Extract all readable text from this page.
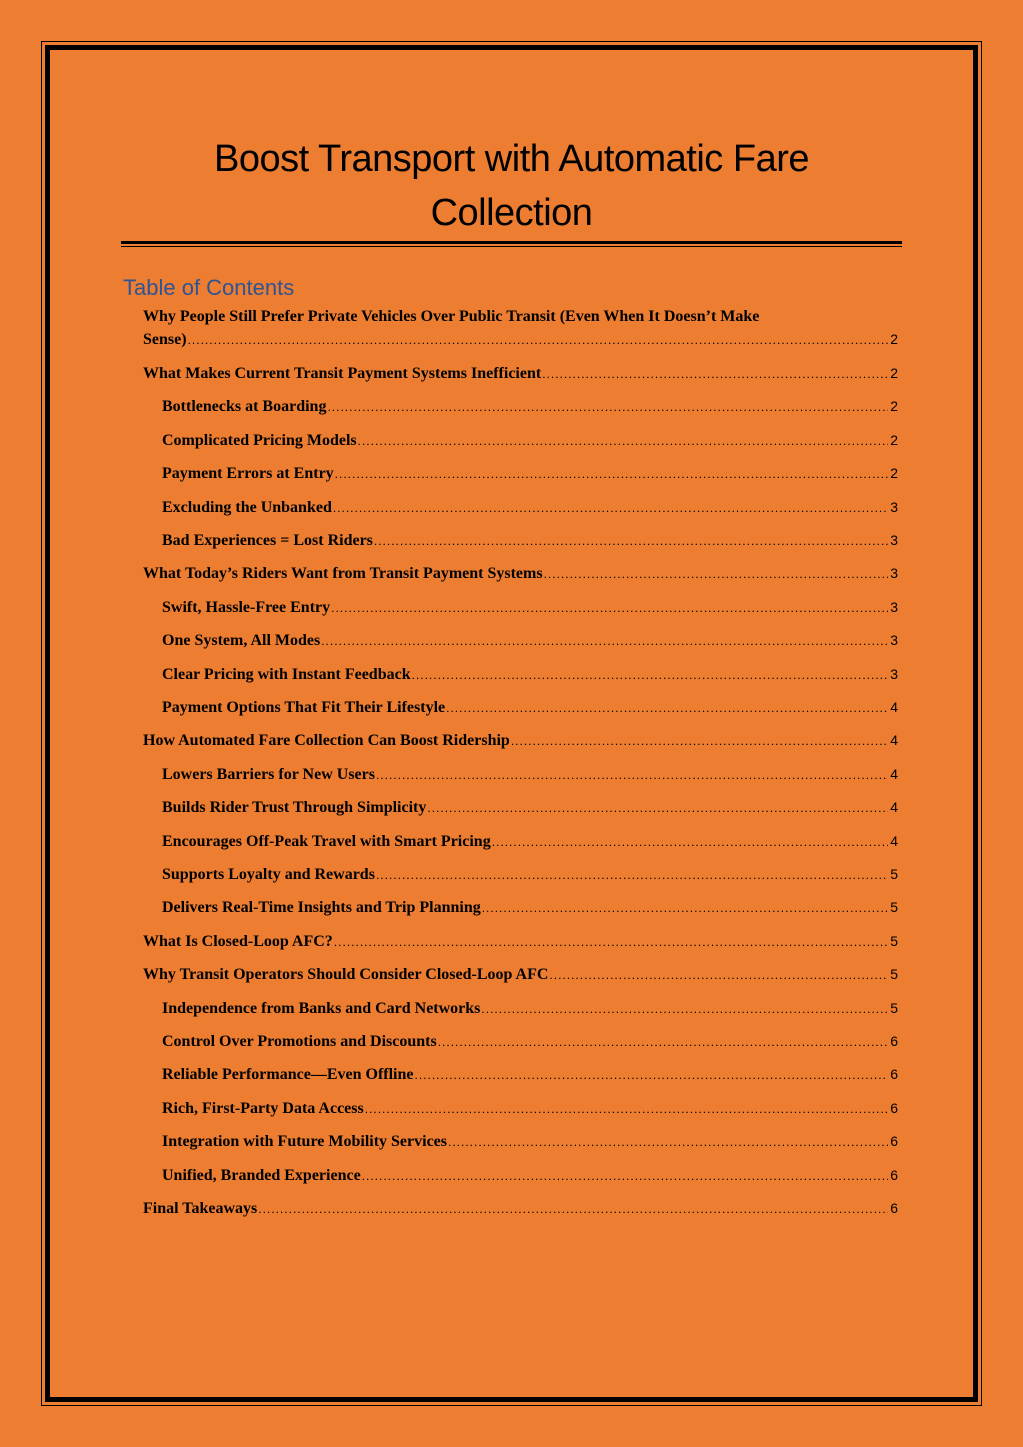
Boost Transport with Automatic Fare
Collection
Table of Contents
Why People Still Prefer Private Vehicles Over Public Transit (Even When It Doesn’t Make
Sense) .....	2
What Makes Current Transit Payment Systems Inefficient .....	2
Bottlenecks at Boarding .....	2
Complicated Pricing Models .....	2
Payment Errors at Entry .....	2
Excluding the Unbanked .....	3
Bad Experiences = Lost Riders .....	3
What Today’s Riders Want from Transit Payment Systems .....	3
Swift, Hassle-Free Entry .....	3
One System, All Modes .....	3
Clear Pricing with Instant Feedback .....	3
Payment Options That Fit Their Lifestyle .....	4
How Automated Fare Collection Can Boost Ridership .....	4
Lowers Barriers for New Users .....	4
Builds Rider Trust Through Simplicity .....	4
Encourages Off-Peak Travel with Smart Pricing .....	4
Supports Loyalty and Rewards .....	5
Delivers Real-Time Insights and Trip Planning .....	5
What Is Closed-Loop AFC? .....	5
Why Transit Operators Should Consider Closed-Loop AFC .....	5
Independence from Banks and Card Networks .....	5
Control Over Promotions and Discounts .....	6
Reliable Performance—Even Offline .....	6
Rich, First-Party Data Access .....	6
Integration with Future Mobility Services .....	6
Unified, Branded Experience .....	6
Final Takeaways .....	6
